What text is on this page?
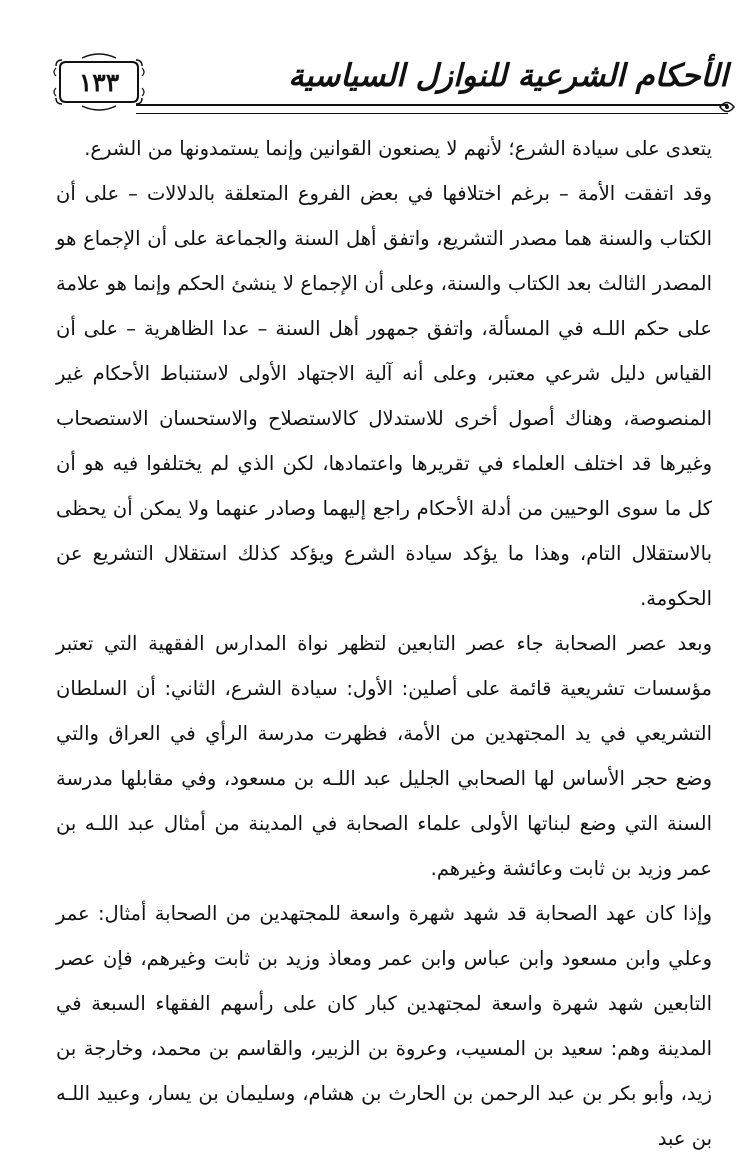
١٣٣	الأحكام الشرعية للنوازل السياسية

يتعدى على سيادة الشرع؛ لأنهم لا يصنعون القوانين وإنما يستمدونها من الشرع.

وقد اتفقت الأمة – برغم اختلافها في بعض الفروع المتعلقة بالدلالات – على أن الكتاب والسنة هما مصدر التشريع، واتفق أهل السنة والجماعة على أن الإجماع هو المصدر الثالث بعد الكتاب والسنة، وعلى أن الإجماع لا ينشئ الحكم وإنما هو علامة على حكم اللـه في المسألة، واتفق جمهور أهل السنة – عدا الظاهرية – على أن القياس دليل شرعي معتبر، وعلى أنه آلية الاجتهاد الأولى لاستنباط الأحكام غير المنصوصة، وهناك أصول أخرى للاستدلال كالاستصلاح والاستحسان الاستصحاب وغيرها قد اختلف العلماء في تقريرها واعتمادها، لكن الذي لم يختلفوا فيه هو أن كل ما سوى الوحيين من أدلة الأحكام راجع إليهما وصادر عنهما ولا يمكن أن يحظى بالاستقلال التام، وهذا ما يؤكد سيادة الشرع ويؤكد كذلك استقلال التشريع عن الحكومة.

وبعد عصر الصحابة جاء عصر التابعين لتظهر نواة المدارس الفقهية التي تعتبر مؤسسات تشريعية قائمة على أصلين: الأول: سيادة الشرع، الثاني: أن السلطان التشريعي في يد المجتهدين من الأمة، فظهرت مدرسة الرأي في العراق والتي وضع حجر الأساس لها الصحابي الجليل عبد اللـه بن مسعود، وفي مقابلها مدرسة السنة التي وضع لبناتها الأولى علماء الصحابة في المدينة من أمثال عبد اللـه بن عمر وزيد بن ثابت وعائشة وغيرهم.

وإذا كان عهد الصحابة قد شهد شهرة واسعة للمجتهدين من الصحابة أمثال: عمر وعلي وابن مسعود وابن عباس وابن عمر ومعاذ وزيد بن ثابت وغيرهم، فإن عصر التابعين شهد شهرة واسعة لمجتهدين كبار كان على رأسهم الفقهاء السبعة في المدينة وهم: سعيد بن المسيب، وعروة بن الزبير، والقاسم بن محمد، وخارجة بن زيد، وأبو بكر بن عبد الرحمن بن الحارث بن هشام، وسليمان بن يسار، وعبيد اللـه بن عبد
